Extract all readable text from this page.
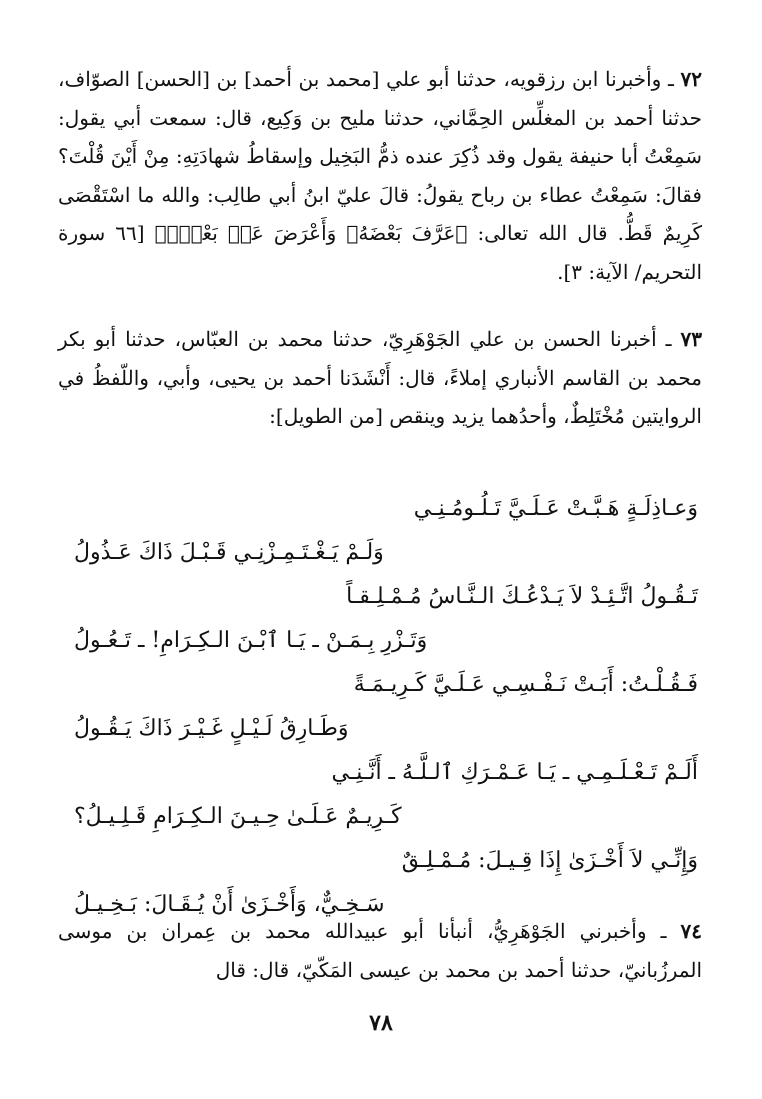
٧٢ ـ وأخبرنا ابن رزقويه، حدثنا أبو علي [محمد بن أحمد] بن [الحسن] الصوّاف، حدثنا أحمد بن المغلِّس الحِمَّاني، حدثنا مليح بن وَكِيع، قال: سمعت أبي يقول: سَمِعْتُ أبا حنيفة يقول وقد ذُكِرَ عنده ذمُّ البَخِيل وإسقاطُ شهادَتِهِ: مِنْ أَيْنَ قُلْتَ؟ فقالَ: سَمِعْتُ عطاء بن رباح يقولُ: قالَ عليّ ابنُ أبي طالِب: والله ما اسْتَقْصَى كَرِيمٌ قَطُّ. قال الله تعالى: ﴿عَرَّفَ بَعْضَهُۥ وَأَعْرَضَ عَنۢ بَعْضٍۖ﴾ [٦٦ سورة التحريم/ الآية: ٣].

٧٣ ـ أخبرنا الحسن بن علي الجَوْهَرِيّ، حدثنا محمد بن العبّاس، حدثنا أبو بكر محمد بن القاسم الأنباري إملاءً، قال: أَنْشَدَنا أحمد بن يحيى، وأبي، واللّفظُ في الروايتين مُخْتَلِطٌ، وأحدُهما يزيد وينقص [من الطويل]:

وَعـاذِلَـةٍ هَـبَّـتْ عَـلَـيَّ تَـلُـومُـنِـي

وَلَـمْ يَـغْـتَـمِـزْنِـي قَـبْـلَ ذَاكَ عَـذُولُ

تَـقُـولُ اتَّـئِـدْ لاَ يَـدْعُـكَ الـنَّـاسُ مُـمْـلِـقـاً

وَتَـزْرِ بِـمَـنْ ـ يَـا ٱبْـنَ الـكِـرَامِ! ـ تَـعُـولُ

فَـقُـلْـتُ: أَبَـتْ نَـفْـسِـي عَـلَـيَّ كَـرِيـمَـةً

وَطَـارِقُ لَـيْـلٍ غَـيْـرَ ذَاكَ يَـقُـولُ

أَلَـمْ تَـعْـلَـمِـي ـ يَـا عَـمْـرَكِ ٱلـلَّـهُ ـ أَنَّـنِـي

كَـرِيـمٌ عَـلَـىٰ حِـيـنَ الـكِـرَامِ قَـلِـيـلُ؟

وَإِنِّـي لاَ أَخْـزَىٰ إِذَا قِـيـلَ: مُـمْـلِـقٌ

سَـخِـيٌّ، وَأَخْـزَىٰ أَنْ يُـقَـالَ: بَـخِـيـلُ

٧٤ ـ وأخبرني الجَوْهَرِيُّ، أنبأنا أبو عبيدالله محمد بن عِمران بن موسى المرزُبانيّ، حدثنا أحمد بن محمد بن عيسى المَكّيّ، قال: قال

٧٨
